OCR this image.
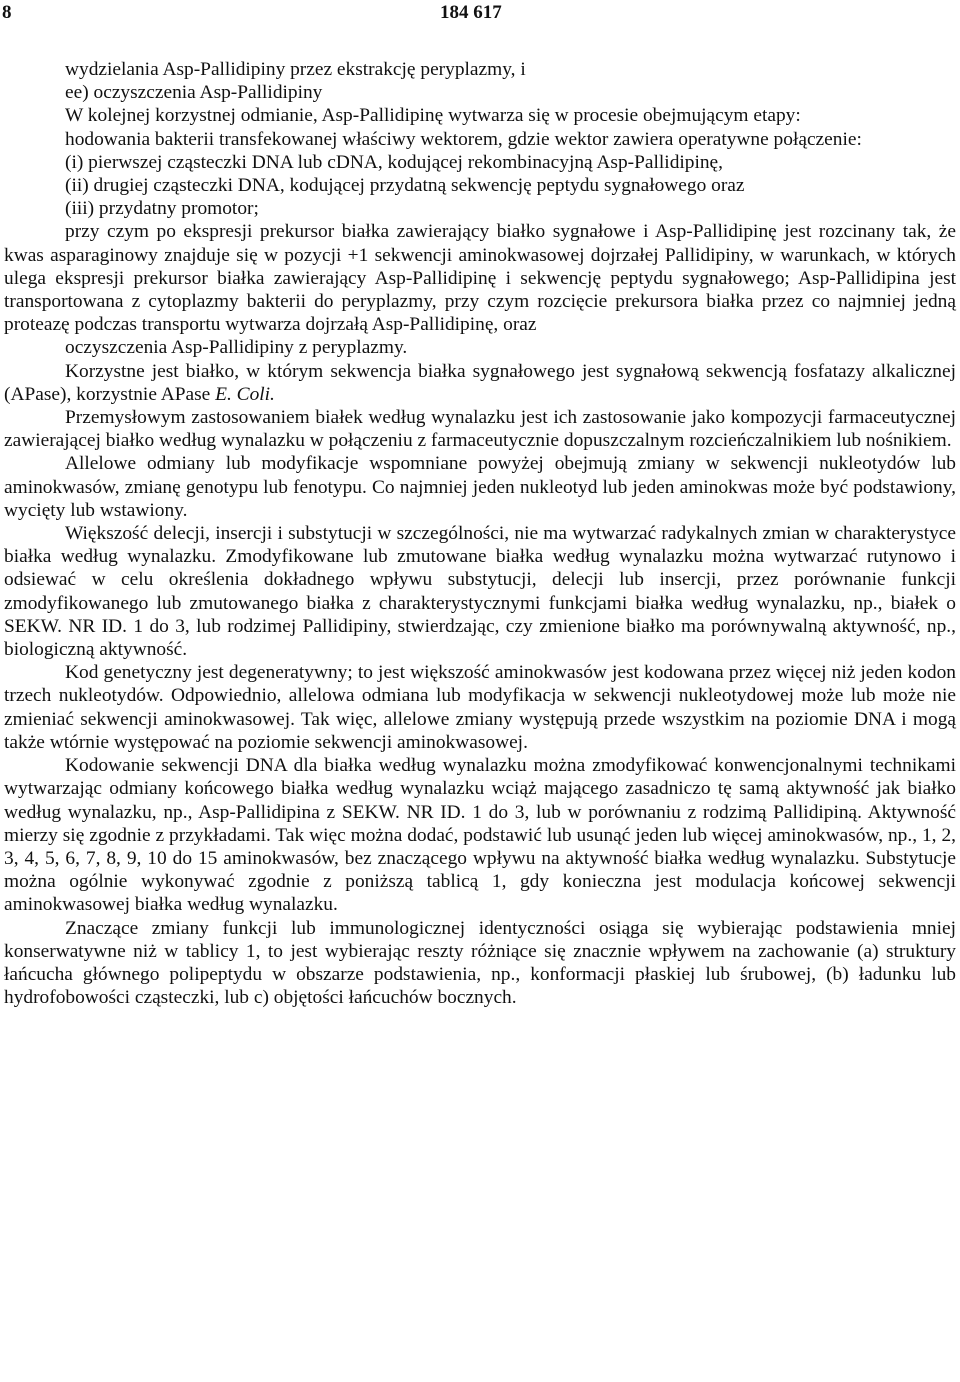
8	184 617

wydzielania Asp-Pallidipiny przez ekstrakcję peryplazmy, i

ee) oczyszczenia Asp-Pallidipiny

W kolejnej korzystnej odmianie, Asp-Pallidipinę wytwarza się w procesie obejmującym etapy:

hodowania bakterii transfekowanej właściwy wektorem, gdzie wektor zawiera operatywne połączenie:

(i) pierwszej cząsteczki DNA lub cDNA, kodującej rekombinacyjną Asp-Pallidipinę,

(ii) drugiej cząsteczki DNA, kodującej przydatną sekwencję peptydu sygnałowego oraz

(iii) przydatny promotor;

przy czym po ekspresji prekursor białka zawierający białko sygnałowe i Asp-Pallidipinę jest rozcinany tak, że kwas asparaginowy znajduje się w pozycji +1 sekwencji aminokwasowej dojrzałej Pallidipiny, w warunkach, w których ulega ekspresji prekursor białka zawierający Asp-Pallidipinę i sekwencję peptydu sygnałowego; Asp-Pallidipina jest transportowana z cytoplazmy bakterii do peryplazmy, przy czym rozcięcie prekursora białka przez co najmniej jedną proteazę podczas transportu wytwarza dojrzałą Asp-Pallidipinę, oraz

oczyszczenia Asp-Pallidipiny z peryplazmy.

Korzystne jest białko, w którym sekwencja białka sygnałowego jest sygnałową sekwencją fosfatazy alkalicznej (APase), korzystnie APase E. Coli.

Przemysłowym zastosowaniem białek według wynalazku jest ich zastosowanie jako kompozycji farmaceutycznej zawierającej białko według wynalazku w połączeniu z farmaceutycznie dopuszczalnym rozcieńczalnikiem lub nośnikiem.

Allelowe odmiany lub modyfikacje wspomniane powyżej obejmują zmiany w sekwencji nukleotydów lub aminokwasów, zmianę genotypu lub fenotypu. Co najmniej jeden nukleotyd lub jeden aminokwas może być podstawiony, wycięty lub wstawiony.

Większość delecji, insercji i substytucji w szczególności, nie ma wytwarzać radykalnych zmian w charakterystyce białka według wynalazku. Zmodyfikowane lub zmutowane białka według wynalazku można wytwarzać rutynowo i odsiewać w celu określenia dokładnego wpływu substytucji, delecji lub insercji, przez porównanie funkcji zmodyfikowanego lub zmutowanego białka z charakterystycznymi funkcjami białka według wynalazku, np., białek o SEKW. NR ID. 1 do 3, lub rodzimej Pallidipiny, stwierdzając, czy zmienione białko ma porównywalną aktywność, np., biologiczną aktywność.

Kod genetyczny jest degeneratywny; to jest większość aminokwasów jest kodowana przez więcej niż jeden kodon trzech nukleotydów. Odpowiednio, allelowa odmiana lub modyfikacja w sekwencji nukleotydowej może lub może nie zmieniać sekwencji aminokwasowej. Tak więc, allelowe zmiany występują przede wszystkim na poziomie DNA i mogą także wtórnie występować na poziomie sekwencji aminokwasowej.

Kodowanie sekwencji DNA dla białka według wynalazku można zmodyfikować konwencjonalnymi technikami wytwarzając odmiany końcowego białka według wynalazku wciąż mającego zasadniczo tę samą aktywność jak białko według wynalazku, np., Asp-Pallidipina z SEKW. NR ID. 1 do 3, lub w porównaniu z rodzimą Pallidipiną. Aktywność mierzy się zgodnie z przykładami. Tak więc można dodać, podstawić lub usunąć jeden lub więcej aminokwasów, np., 1, 2, 3, 4, 5, 6, 7, 8, 9, 10 do 15 aminokwasów, bez znaczącego wpływu na aktywność białka według wynalazku. Substytucje można ogólnie wykonywać zgodnie z poniższą tablicą 1, gdy konieczna jest modulacja końcowej sekwencji aminokwasowej białka według wynalazku.

Znaczące zmiany funkcji lub immunologicznej identyczności osiąga się wybierając podstawienia mniej konserwatywne niż w tablicy 1, to jest wybierając reszty różniące się znacznie wpływem na zachowanie (a) struktury łańcucha głównego polipeptydu w obszarze podstawienia, np., konformacji płaskiej lub śrubowej, (b) ładunku lub hydrofobowości cząsteczki, lub c) objętości łańcuchów bocznych.
